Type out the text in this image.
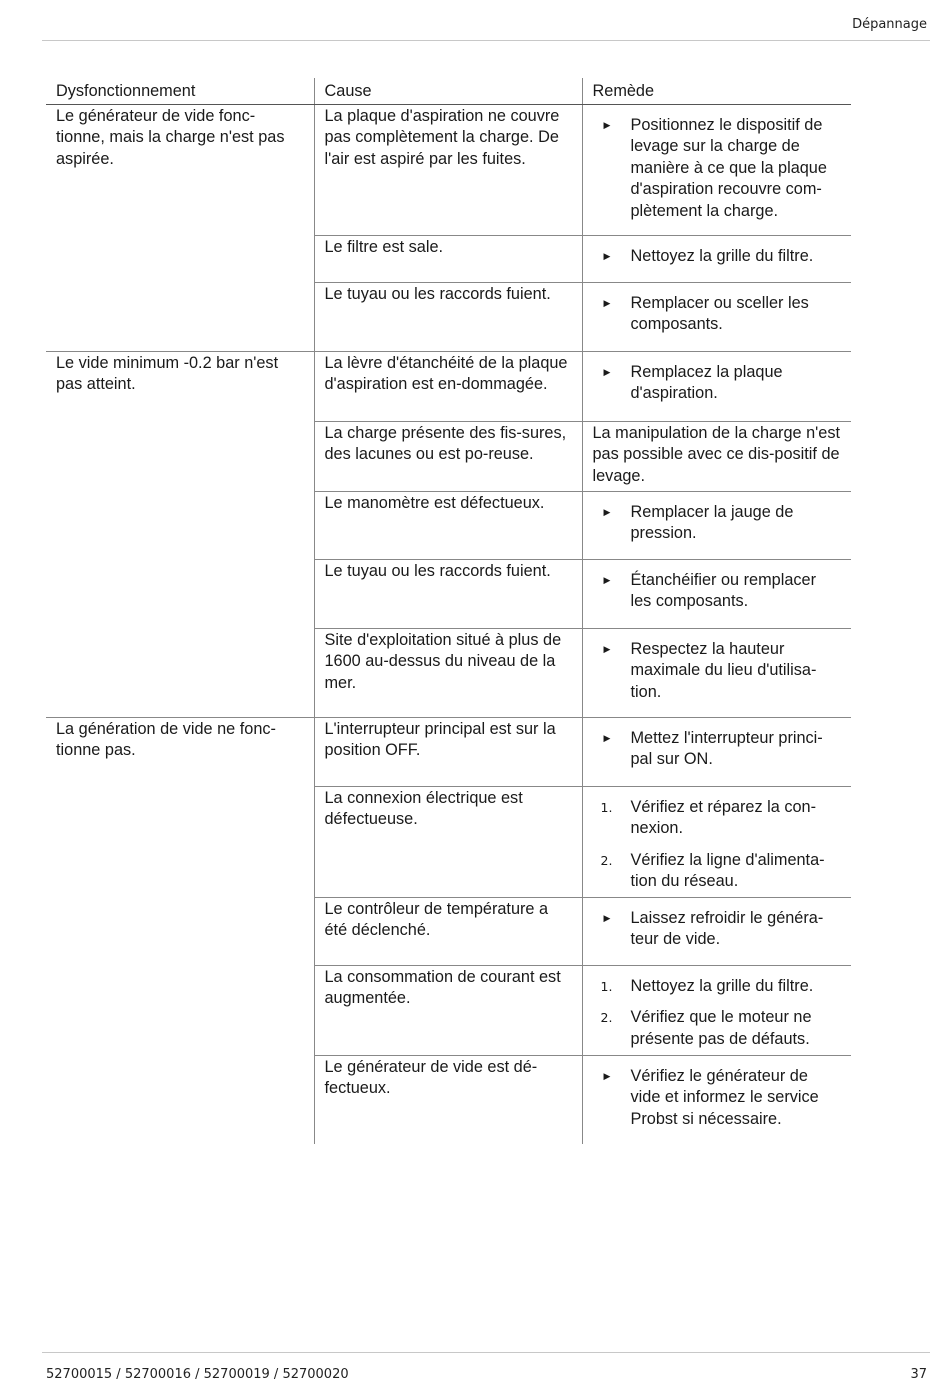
Dépannage
Dysfonctionnement	Cause	Remède
Le générateur de vide fonc-tionne, mais la charge n'est pas aspirée.	La plaque d'aspiration ne couvre pas complètement la charge. De l'air est aspiré par les fuites.	▶ Positionnez le dispositif de levage sur la charge de manière à ce que la plaque d'aspiration recouvre com-plètement la charge.

	Le filtre est sale.	▶ Nettoyez la grille du filtre.

	Le tuyau ou les raccords fuient.	▶ Remplacer ou sceller les composants.

Le vide minimum -0.2 bar n'est pas atteint.	La lèvre d'étanchéité de la plaque d'aspiration est en-dommagée.	▶ Remplacez la plaque d'aspiration.

	La charge présente des fis-sures, des lacunes ou est po-reuse.	La manipulation de la charge n'est pas possible avec ce dis-positif de levage.

	Le manomètre est défectueux.	▶ Remplacer la jauge de pression.

	Le tuyau ou les raccords fuient.	▶ Étanchéifier ou remplacer les composants.

	Site d'exploitation situé à plus de 1600 au-dessus du niveau de la mer.	▶ Respectez la hauteur maximale du lieu d'utilisa-tion.

La génération de vide ne fonc-tionne pas.	L'interrupteur principal est sur la position OFF.	▶ Mettez l'interrupteur princi-pal sur ON.

	La connexion électrique est défectueuse.	1. Vérifiez et réparez la con-nexion.
2. Vérifiez la ligne d'alimenta-tion du réseau.

	Le contrôleur de température a été déclenché.	▶ Laissez refroidir le généra-teur de vide.

	La consommation de courant est augmentée.	1. Nettoyez la grille du filtre.
2. Vérifiez que le moteur ne présente pas de défauts.

	Le générateur de vide est dé-fectueux.	▶ Vérifiez le générateur de vide et informez le service Probst si nécessaire.
52700015 / 52700016 / 52700019 / 52700020	37
